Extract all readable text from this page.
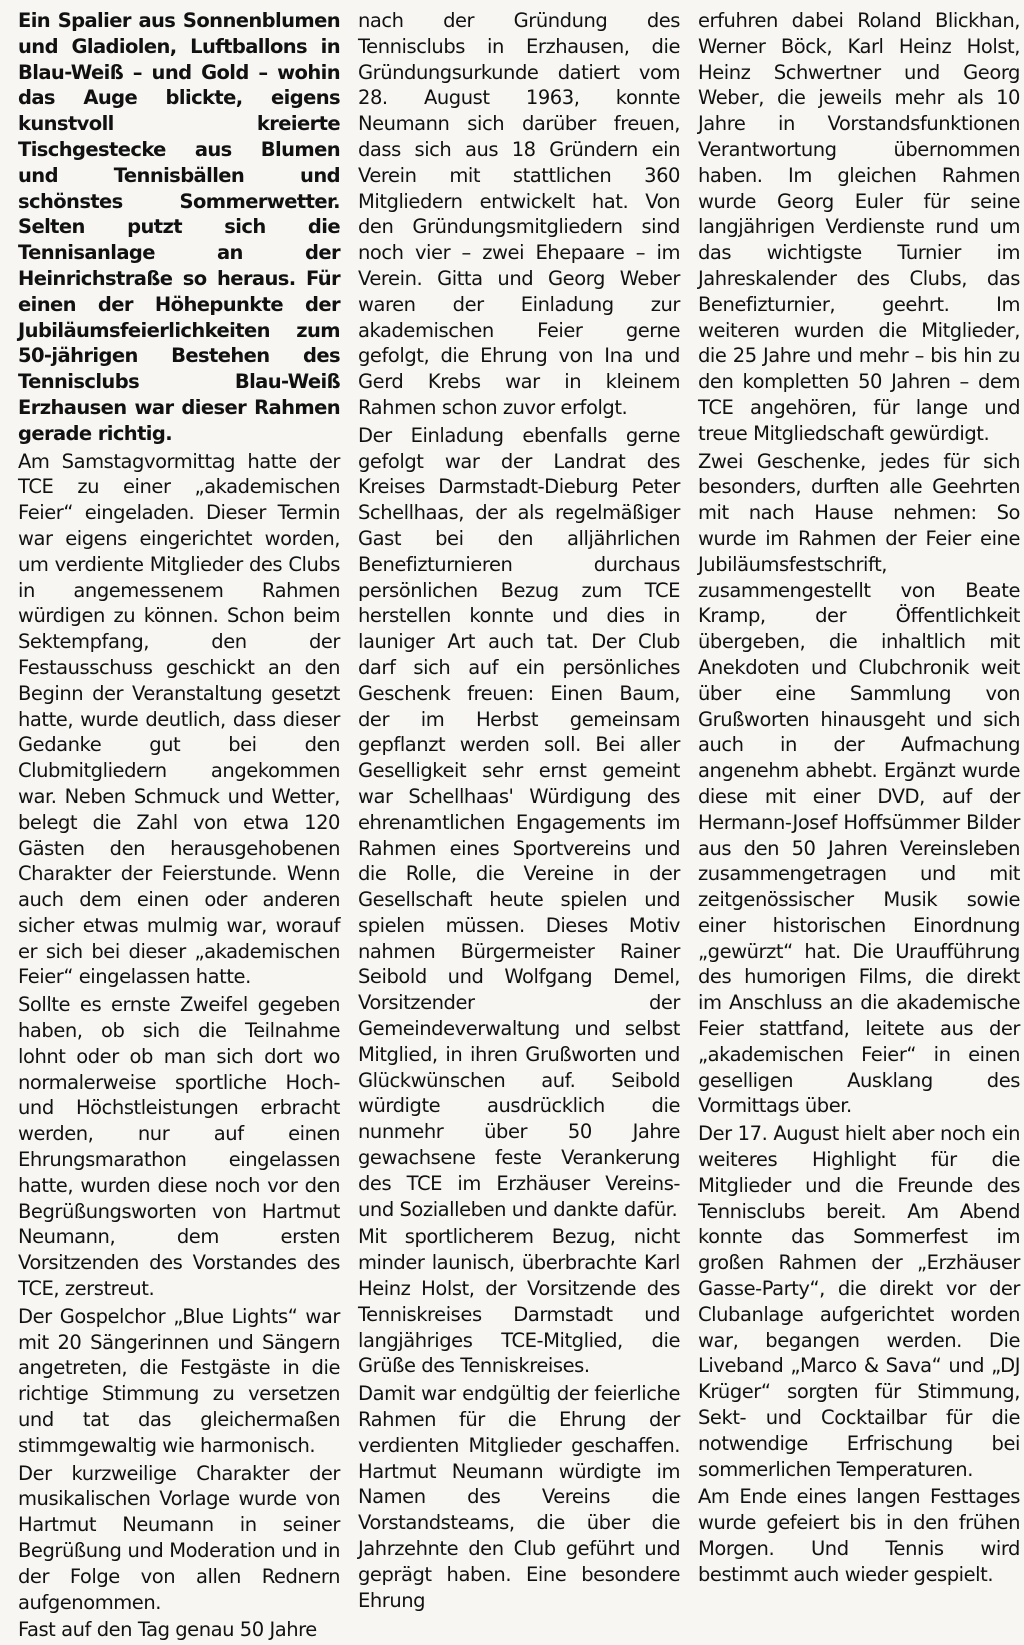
Ein Spalier aus Sonnenblumen und Gladiolen, Luftballons in Blau-Weiß – und Gold – wohin das Auge blickte, eigens kunstvoll kreierte Tischgestecke aus Blumen und Tennisbällen und schönstes Sommerwetter. Selten putzt sich die Tennisanlage an der Heinrichstraße so heraus. Für einen der Höhepunkte der Jubiläumsfeierlichkeiten zum 50-jährigen Bestehen des Tennisclubs Blau-Weiß Erzhausen war dieser Rahmen gerade richtig.

Am Samstagvormittag hatte der TCE zu einer „akademischen Feier“ eingeladen. Dieser Termin war eigens eingerichtet worden, um verdiente Mitglieder des Clubs in angemessenem Rahmen würdigen zu können. Schon beim Sektempfang, den der Festausschuss geschickt an den Beginn der Veranstaltung gesetzt hatte, wurde deutlich, dass dieser Gedanke gut bei den Clubmitgliedern angekommen war. Neben Schmuck und Wetter, belegt die Zahl von etwa 120 Gästen den herausgehobenen Charakter der Feierstunde. Wenn auch dem einen oder anderen sicher etwas mulmig war, worauf er sich bei dieser „akademischen Feier“ eingelassen hatte.

Sollte es ernste Zweifel gegeben haben, ob sich die Teilnahme lohnt oder ob man sich dort wo normalerweise sportliche Hoch- und Höchstleistungen erbracht werden, nur auf einen Ehrungsmarathon eingelassen hatte, wurden diese noch vor den Begrüßungsworten von Hartmut Neumann, dem ersten Vorsitzenden des Vorstandes des TCE, zerstreut.

Der Gospelchor „Blue Lights“ war mit 20 Sängerinnen und Sängern angetreten, die Festgäste in die richtige Stimmung zu versetzen und tat das gleichermaßen stimmgewaltig wie harmonisch.

Der kurzweilige Charakter der musikalischen Vorlage wurde von Hartmut Neumann in seiner Begrüßung und Moderation und in der Folge von allen Rednern aufgenommen.

Fast auf den Tag genau 50 Jahre

nach der Gründung des Tennisclubs in Erzhausen, die Gründungsurkunde datiert vom 28. August 1963, konnte Neumann sich darüber freuen, dass sich aus 18 Gründern ein Verein mit stattlichen 360 Mitgliedern entwickelt hat. Von den Gründungsmitgliedern sind noch vier – zwei Ehepaare – im Verein. Gitta und Georg Weber waren der Einladung zur akademischen Feier gerne gefolgt, die Ehrung von Ina und Gerd Krebs war in kleinem Rahmen schon zuvor erfolgt.

Der Einladung ebenfalls gerne gefolgt war der Landrat des Kreises Darmstadt-Dieburg Peter Schellhaas, der als regelmäßiger Gast bei den alljährlichen Benefizturnieren durchaus persönlichen Bezug zum TCE herstellen konnte und dies in launiger Art auch tat. Der Club darf sich auf ein persönliches Geschenk freuen: Einen Baum, der im Herbst gemeinsam gepflanzt werden soll. Bei aller Geselligkeit sehr ernst gemeint war Schellhaas' Würdigung des ehrenamtlichen Engagements im Rahmen eines Sportvereins und die Rolle, die Vereine in der Gesellschaft heute spielen und spielen müssen. Dieses Motiv nahmen Bürgermeister Rainer Seibold und Wolfgang Demel, Vorsitzender der Gemeindeverwaltung und selbst Mitglied, in ihren Grußworten und Glückwünschen auf. Seibold würdigte ausdrücklich die nunmehr über 50 Jahre gewachsene feste Verankerung des TCE im Erzhäuser Vereins- und Sozialleben und dankte dafür.

Mit sportlicherem Bezug, nicht minder launisch, überbrachte Karl Heinz Holst, der Vorsitzende des Tenniskreises Darmstadt und langjähriges TCE-Mitglied, die Grüße des Tenniskreises.

Damit war endgültig der feierliche Rahmen für die Ehrung der verdienten Mitglieder geschaffen. Hartmut Neumann würdigte im Namen des Vereins die Vorstandsteams, die über die Jahrzehnte den Club geführt und geprägt haben. Eine besondere Ehrung

erfuhren dabei Roland Blickhan, Werner Böck, Karl Heinz Holst, Heinz Schwertner und Georg Weber, die jeweils mehr als 10 Jahre in Vorstandsfunktionen Verantwortung übernommen haben. Im gleichen Rahmen wurde Georg Euler für seine langjährigen Verdienste rund um das wichtigste Turnier im Jahreskalender des Clubs, das Benefizturnier, geehrt. Im weiteren wurden die Mitglieder, die 25 Jahre und mehr – bis hin zu den kompletten 50 Jahren – dem TCE angehören, für lange und treue Mitgliedschaft gewürdigt.

Zwei Geschenke, jedes für sich besonders, durften alle Geehrten mit nach Hause nehmen: So wurde im Rahmen der Feier eine Jubiläumsfestschrift, zusammengestellt von Beate Kramp, der Öffentlichkeit übergeben, die inhaltlich mit Anekdoten und Clubchronik weit über eine Sammlung von Grußworten hinausgeht und sich auch in der Aufmachung angenehm abhebt. Ergänzt wurde diese mit einer DVD, auf der Hermann-Josef Hoffsümmer Bilder aus den 50 Jahren Vereinsleben zusammengetragen und mit zeitgenössischer Musik sowie einer historischen Einordnung „gewürzt“ hat. Die Uraufführung des humorigen Films, die direkt im Anschluss an die akademische Feier stattfand, leitete aus der „akademischen Feier“ in einen geselligen Ausklang des Vormittags über.

Der 17. August hielt aber noch ein weiteres Highlight für die Mitglieder und die Freunde des Tennisclubs bereit. Am Abend konnte das Sommerfest im großen Rahmen der „Erzhäuser Gasse-Party“, die direkt vor der Clubanlage aufgerichtet worden war, begangen werden. Die Liveband „Marco & Sava“ und „DJ Krüger“ sorgten für Stimmung, Sekt- und Cocktailbar für die notwendige Erfrischung bei sommerlichen Temperaturen.

Am Ende eines langen Festtages wurde gefeiert bis in den frühen Morgen. Und Tennis wird bestimmt auch wieder gespielt.
